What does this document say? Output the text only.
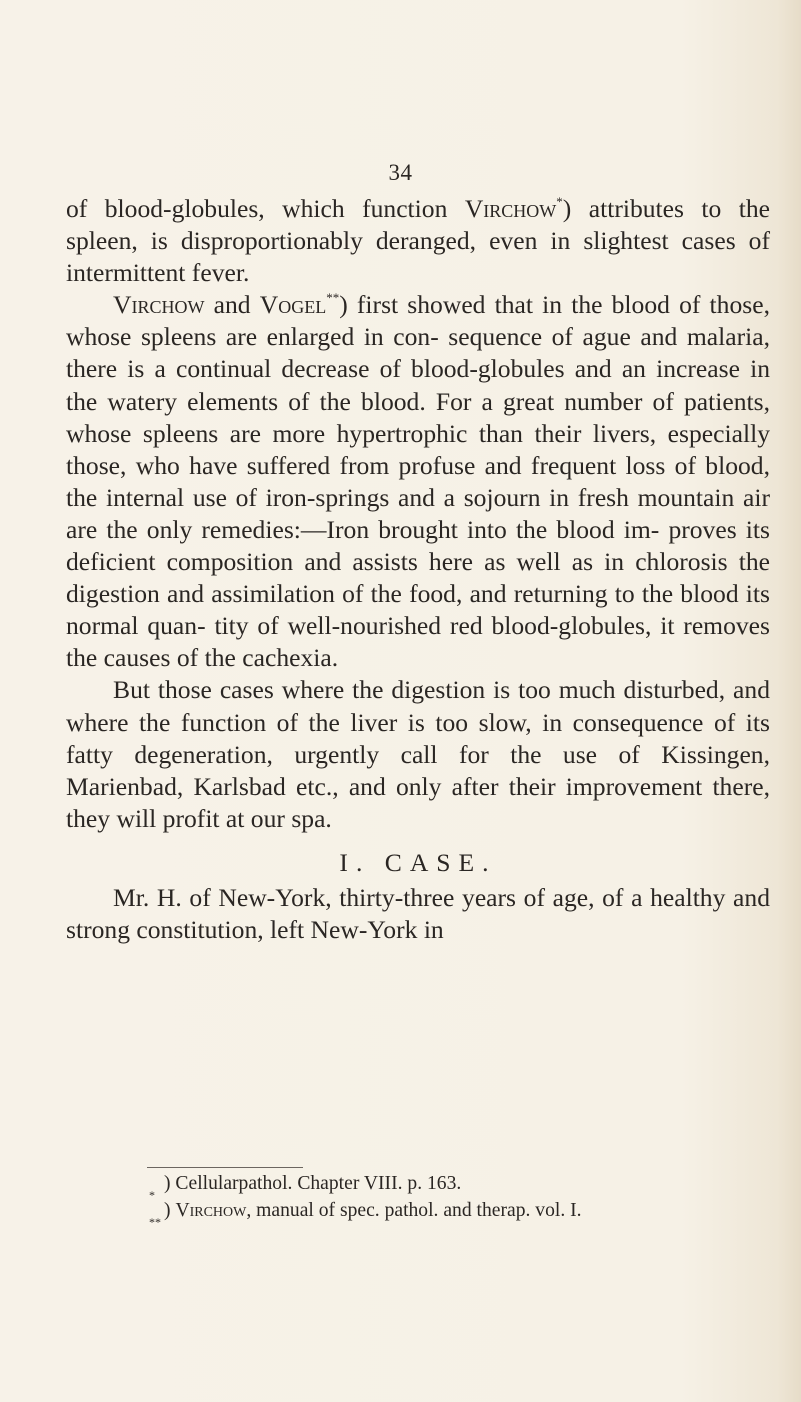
34

of blood-globules, which function Virchow*) attributes to the spleen, is disproportionably deranged, even in slightest cases of intermittent fever.

Virchow and Vogel**) first showed that in the blood of those, whose spleens are enlarged in con- sequence of ague and malaria, there is a continual decrease of blood-globules and an increase in the watery elements of the blood. For a great number of patients, whose spleens are more hypertrophic than their livers, especially those, who have suffered from profuse and frequent loss of blood, the internal use of iron-springs and a sojourn in fresh mountain air are the only remedies:—Iron brought into the blood im- proves its deficient composition and assists here as well as in chlorosis the digestion and assimilation of the food, and returning to the blood its normal quan- tity of well-nourished red blood-globules, it removes the causes of the cachexia.

But those cases where the digestion is too much disturbed, and where the function of the liver is too slow, in consequence of its fatty degeneration, urgently call for the use of Kissingen, Marienbad, Karlsbad etc., and only after their improvement there, they will profit at our spa.

I. CASE.

Mr. H. of New-York, thirty-three years of age, of a healthy and strong constitution, left New-York in

*
) Cellularpathol. Chapter VIII. p. 163.

**
) Virchow, manual of spec. pathol. and therap. vol. I.
